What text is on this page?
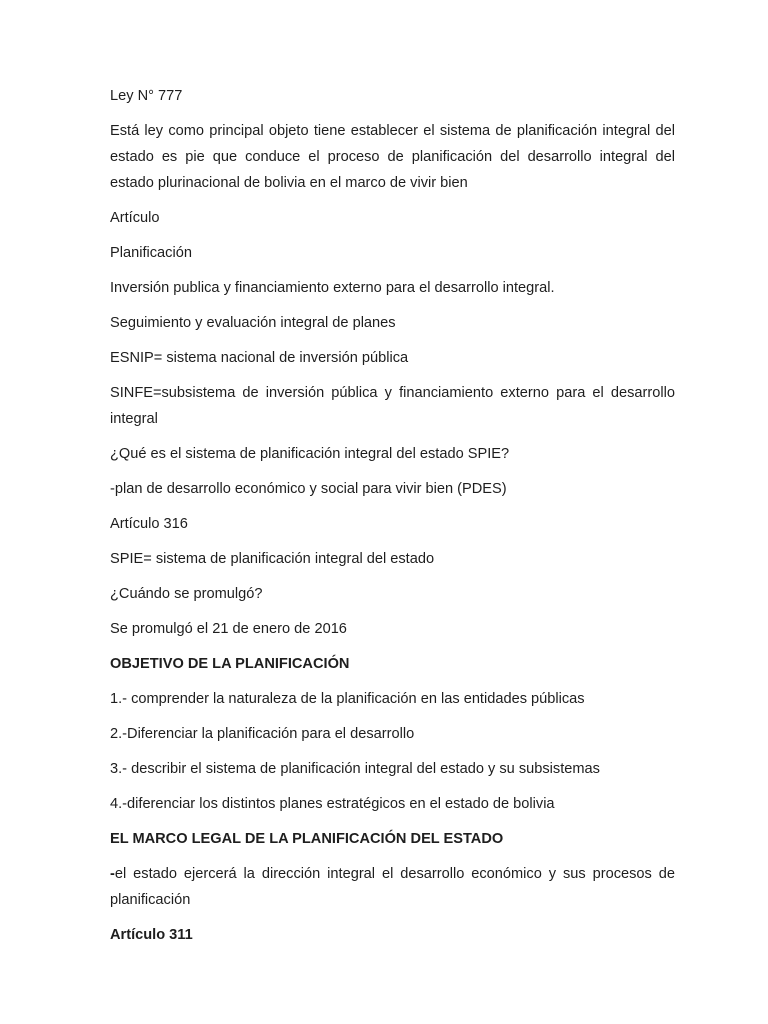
Ley N° 777

Está ley como principal objeto tiene establecer el sistema de planificación integral del estado es pie que conduce el proceso de planificación del desarrollo integral del estado plurinacional de bolivia en el marco de vivir bien

Artículo

Planificación

Inversión publica y financiamiento externo para el desarrollo integral.

Seguimiento y evaluación integral de planes

ESNIP= sistema nacional de inversión pública

SINFE=subsistema de inversión pública y financiamiento externo para el desarrollo integral

¿Qué es el sistema de planificación integral del estado SPIE?

-plan de desarrollo económico y social para vivir bien (PDES)

Artículo 316

SPIE= sistema de planificación integral del estado

¿Cuándo se promulgó?

Se promulgó el 21 de enero de 2016

OBJETIVO DE LA PLANIFICACIÓN

1.- comprender la naturaleza de la planificación en las entidades públicas

2.-Diferenciar la planificación para el desarrollo

3.- describir el sistema de planificación integral del estado y su subsistemas

4.-diferenciar los distintos planes estratégicos en el estado de bolivia

EL MARCO LEGAL DE LA PLANIFICACIÓN DEL ESTADO

-el estado ejercerá la dirección integral el desarrollo económico y sus procesos de planificación

Artículo 311
